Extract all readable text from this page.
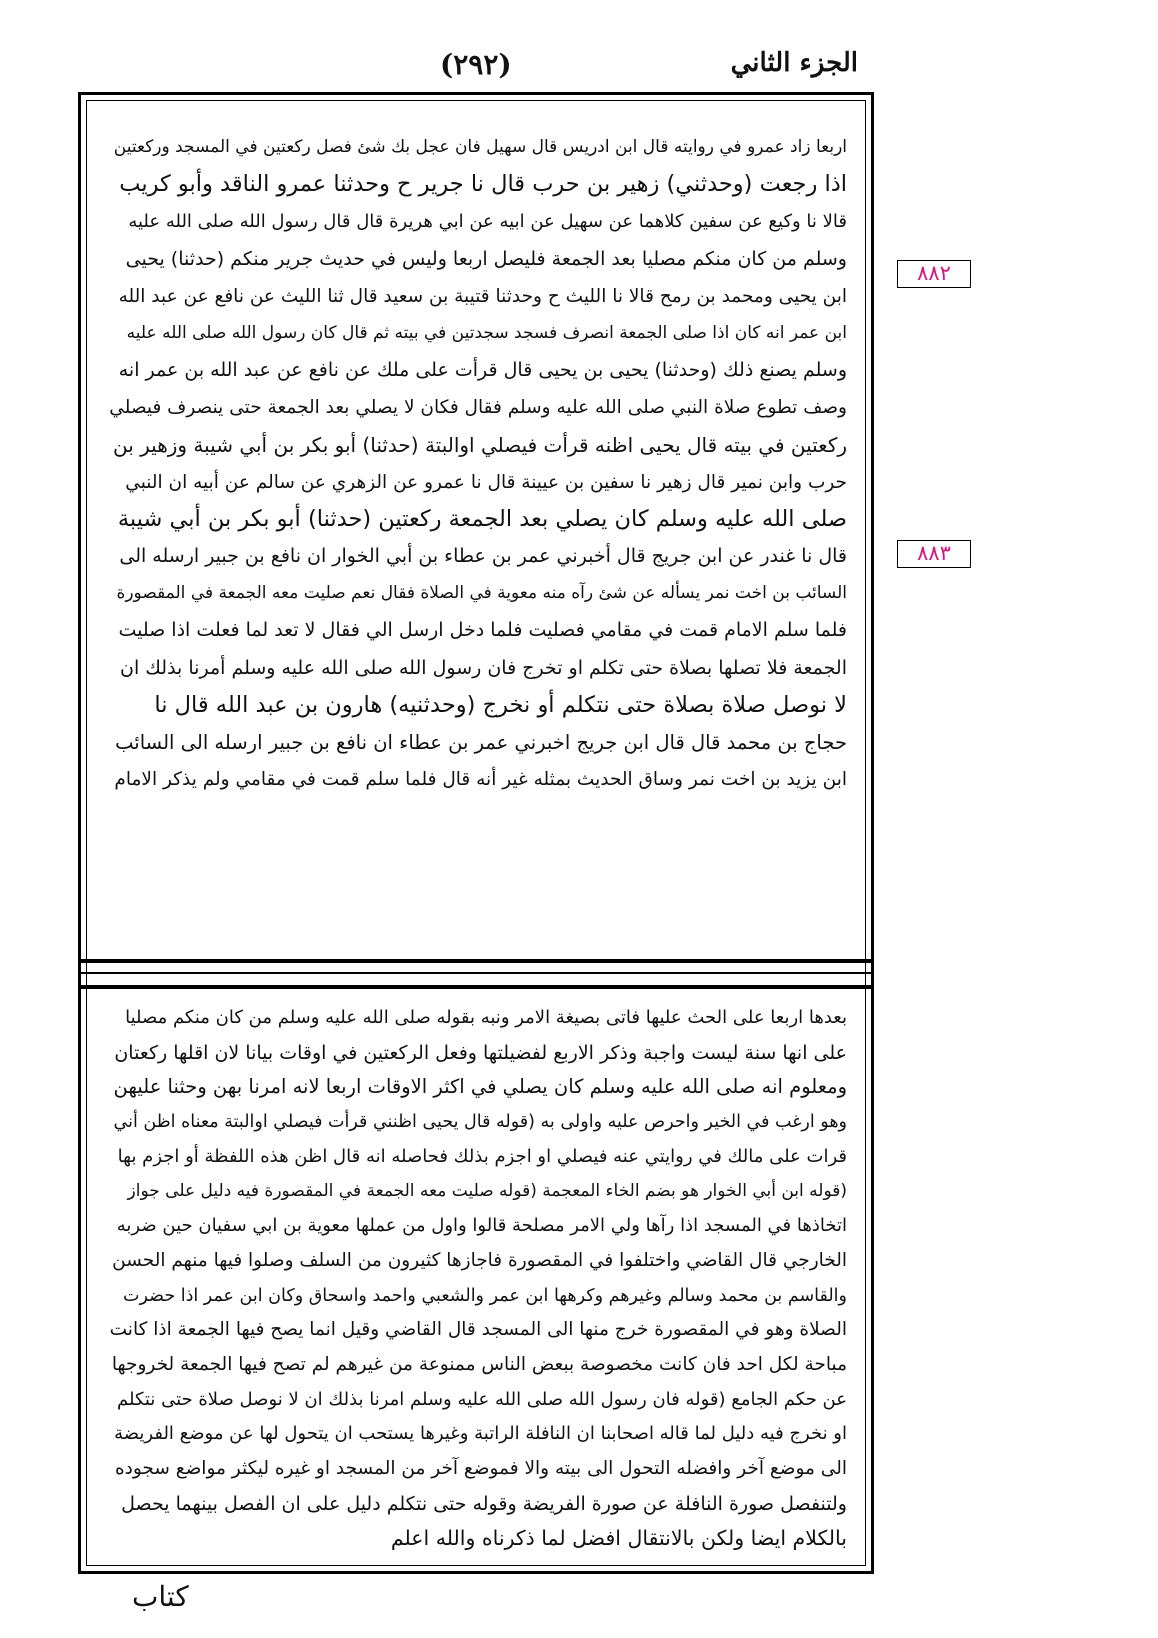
الجزء الثاني
(٢٩٢)
٨٨٢
٨٨٣
اربعا زاد عمرو في روايته قال ابن ادريس قال سهيل فان عجل بك شئ فصل ركعتين في المسجد وركعتين
اذا رجعت (وحدثني) زهير بن حرب قال نا جرير ح وحدثنا عمرو الناقد وأبو كريب
قالا نا وكيع عن سفين كلاهما عن سهيل عن ابيه عن ابي هريرة قال قال رسول الله صلى الله عليه
وسلم من كان منكم مصليا بعد الجمعة فليصل اربعا وليس في حديث جرير منكم (حدثنا) يحيى
ابن يحيى ومحمد بن رمح قالا نا الليث ح وحدثنا قتيبة بن سعيد قال ثنا الليث عن نافع عن عبد الله
ابن عمر انه كان اذا صلى الجمعة انصرف فسجد سجدتين في بيته ثم قال كان رسول الله صلى الله عليه
وسلم يصنع ذلك (وحدثنا) يحيى بن يحيى قال قرأت على ملك عن نافع عن عبد الله بن عمر انه
وصف تطوع صلاة النبي صلى الله عليه وسلم فقال فكان لا يصلي بعد الجمعة حتى ينصرف فيصلي
ركعتين في بيته قال يحيى اظنه قرأت فيصلي اوالبتة (حدثنا) أبو بكر بن أبي شيبة وزهير بن
حرب وابن نمير قال زهير نا سفين بن عيينة قال نا عمرو عن الزهري عن سالم عن أبيه ان النبي
صلى الله عليه وسلم كان يصلي بعد الجمعة ركعتين (حدثنا) أبو بكر بن أبي شيبة
قال نا غندر عن ابن جريج قال أخبرني عمر بن عطاء بن أبي الخوار ان نافع بن جبير ارسله الى
السائب بن اخت نمر يسأله عن شئ رآه منه معوية في الصلاة فقال نعم صليت معه الجمعة في المقصورة
فلما سلم الامام قمت في مقامي فصليت فلما دخل ارسل الي فقال لا تعد لما فعلت اذا صليت
الجمعة فلا تصلها بصلاة حتى تكلم او تخرج فان رسول الله صلى الله عليه وسلم أمرنا بذلك ان
لا نوصل صلاة بصلاة حتى نتكلم أو نخرج (وحدثنيه) هارون بن عبد الله قال نا
حجاج بن محمد قال قال ابن جريج اخبرني عمر بن عطاء ان نافع بن جبير ارسله الى السائب
ابن يزيد بن اخت نمر وساق الحديث بمثله غير أنه قال فلما سلم قمت في مقامي ولم يذكر الامام
بعدها اربعا على الحث عليها فاتى بصيغة الامر ونبه بقوله صلى الله عليه وسلم من كان منكم مصليا
على انها سنة ليست واجبة وذكر الاربع لفضيلتها وفعل الركعتين في اوقات بيانا لان اقلها ركعتان
ومعلوم انه صلى الله عليه وسلم كان يصلي في اكثر الاوقات اربعا لانه امرنا بهن وحثنا عليهن
وهو ارغب في الخير واحرص عليه واولى به (قوله قال يحيى اظنني قرأت فيصلي اوالبتة معناه اظن أني
قرات على مالك في روايتي عنه فيصلي او اجزم بذلك فحاصله انه قال اظن هذه اللفظة أو اجزم بها
(قوله ابن أبي الخوار هو بضم الخاء المعجمة (قوله صليت معه الجمعة في المقصورة فيه دليل على جواز
اتخاذها في المسجد اذا رآها ولي الامر مصلحة قالوا واول من عملها معوية بن ابي سفيان حين ضربه
الخارجي قال القاضي واختلفوا في المقصورة فاجازها كثيرون من السلف وصلوا فيها منهم الحسن
والقاسم بن محمد وسالم وغيرهم وكرهها ابن عمر والشعبي واحمد واسحاق وكان ابن عمر اذا حضرت
الصلاة وهو في المقصورة خرج منها الى المسجد قال القاضي وقيل انما يصح فيها الجمعة اذا كانت
مباحة لكل احد فان كانت مخصوصة ببعض الناس ممنوعة من غيرهم لم تصح فيها الجمعة لخروجها
عن حكم الجامع (قوله فان رسول الله صلى الله عليه وسلم امرنا بذلك ان لا نوصل صلاة حتى نتكلم
او نخرج فيه دليل لما قاله اصحابنا ان النافلة الراتبة وغيرها يستحب ان يتحول لها عن موضع الفريضة
الى موضع آخر وافضله التحول الى بيته والا فموضع آخر من المسجد او غيره ليكثر مواضع سجوده
ولتنفصل صورة النافلة عن صورة الفريضة وقوله حتى نتكلم دليل على ان الفصل بينهما يحصل
بالكلام ايضا ولكن بالانتقال افضل لما ذكرناه والله اعلم
كتاب
